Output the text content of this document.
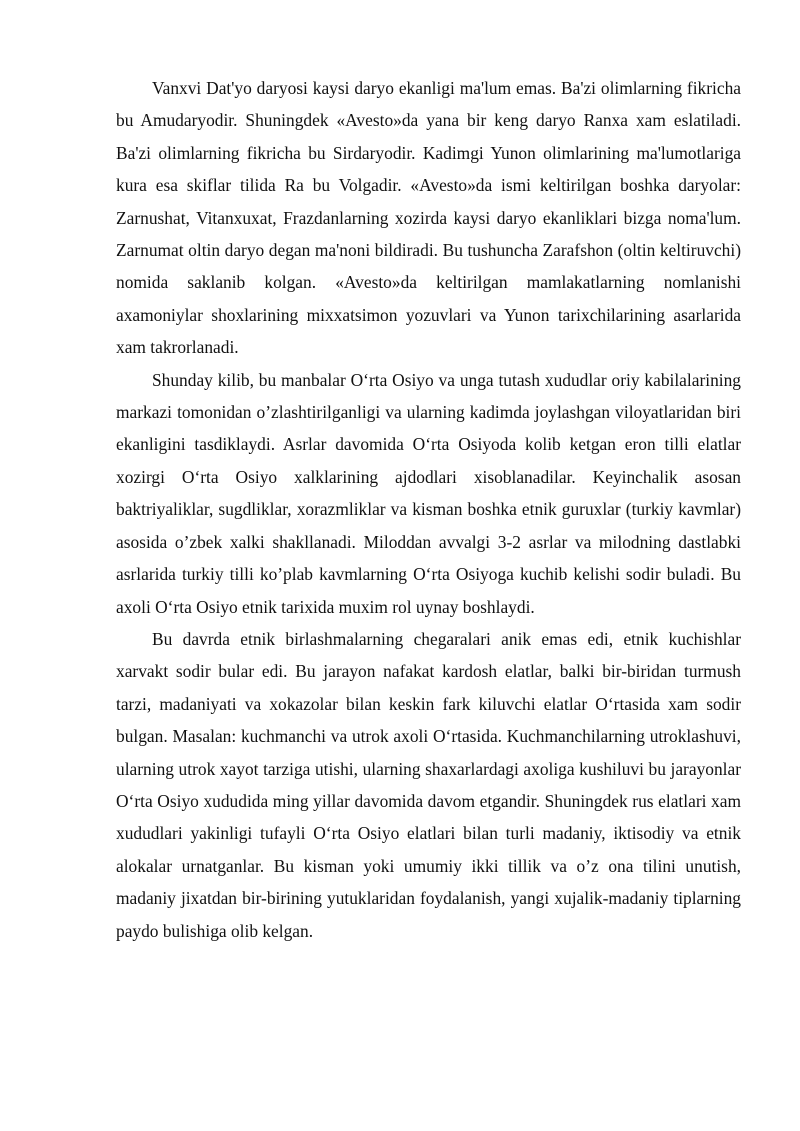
Vanxvi Dat'yo daryosi kaysi daryo ekanligi ma'lum emas. Ba'zi olimlarning fikricha bu Amudaryodir. Shuningdek «Avesto»da yana bir keng daryo Ranxa xam eslatiladi. Ba'zi olimlarning fikricha bu Sirdaryodir. Kadimgi Yunon olimlarining ma'lumotlariga kura esa skiflar tilida Ra bu Volgadir. «Avesto»da ismi keltirilgan boshka daryolar: Zarnushat, Vitanxuxat, Frazdanlarning xozirda kaysi daryo ekanliklari bizga noma'lum. Zarnumat oltin daryo degan ma'noni bildiradi. Bu tushuncha Zarafshon (oltin keltiruvchi) nomida saklanib kolgan. «Avesto»da keltirilgan mamlakatlarning nomlanishi axamoniylar shoxlarining mixxatsimon yozuvlari va Yunon tarixchilarining asarlarida xam takrorlanadi.

Shunday kilib, bu manbalar O‘rta Osiyo va unga tutash xududlar oriy kabilalarining markazi tomonidan o’zlashtirilganligi va ularning kadimda joylashgan viloyatlaridan biri ekanligini tasdiklaydi. Asrlar davomida O‘rta Osiyoda kolib ketgan eron tilli elatlar xozirgi O‘rta Osiyo xalklarining ajdodlari xisoblanadilar. Keyinchalik asosan baktriyaliklar, sugdliklar, xorazmliklar va kisman boshka etnik guruxlar (turkiy kavmlar) asosida o’zbek xalki shakllanadi. Miloddan avvalgi 3-2 asrlar va milodning dastlabki asrlarida turkiy tilli ko’plab kavmlarning O‘rta Osiyoga kuchib kelishi sodir buladi. Bu axoli O‘rta Osiyo etnik tarixida muxim rol uynay boshlaydi.

Bu davrda etnik birlashmalarning chegaralari anik emas edi, etnik kuchishlar xarvakt sodir bular edi. Bu jarayon nafakat kardosh elatlar, balki bir-biridan turmush tarzi, madaniyati va xokazolar bilan keskin fark kiluvchi elatlar O‘rtasida xam sodir bulgan. Masalan: kuchmanchi va utrok axoli O‘rtasida. Kuchmanchilarning utroklashuvi, ularning utrok xayot tarziga utishi, ularning shaxarlardagi axoliga kushiluvi bu jarayonlar O‘rta Osiyo xududida ming yillar davomida davom etgandir. Shuningdek rus elatlari xam xududlari yakinligi tufayli O‘rta Osiyo elatlari bilan turli madaniy, iktisodiy va etnik alokalar urnatganlar. Bu kisman yoki umumiy ikki tillik va o’z ona tilini unutish, madaniy jixatdan bir-birining yutuklaridan foydalanish, yangi xujalik-madaniy tiplarning paydo bulishiga olib kelgan.
